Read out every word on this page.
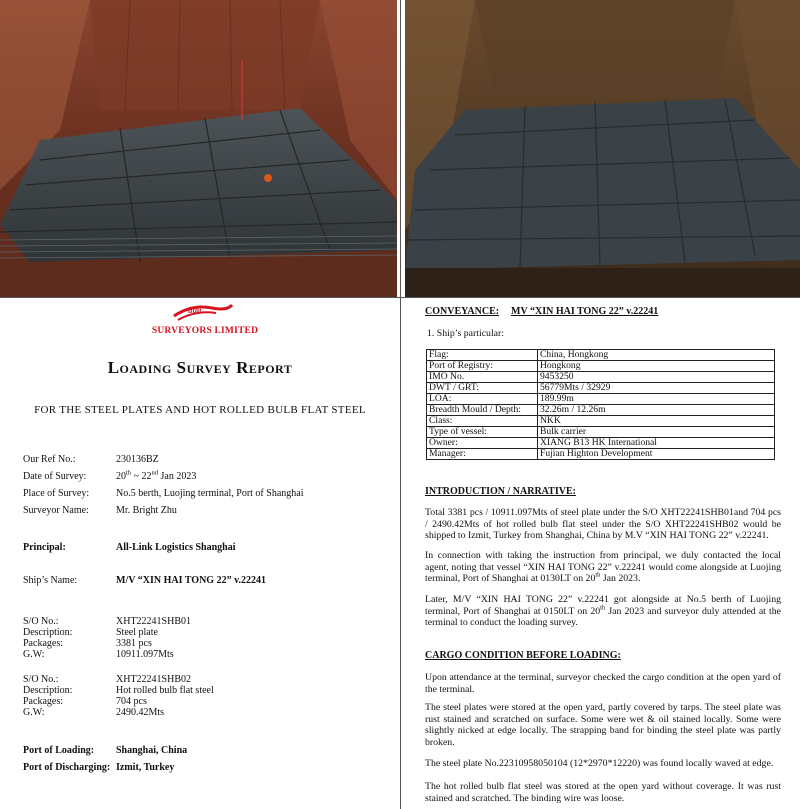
uuu
SURVEYORS LIMITED
Loading Survey Report
FOR THE STEEL PLATES AND HOT ROLLED BULB FLAT STEEL
Our Ref No.:	230136BZ
Date of Survey:	20th ~ 22nd Jan 2023
Place of Survey:	No.5 berth, Luojing terminal, Port of Shanghai
Surveyor Name:	Mr. Bright Zhu
Principal:	All-Link Logistics Shanghai
Ship’s Name:	M/V “XIN HAI TONG 22” v.22241
S/O No.:	XHT22241SHB01
Description:	Steel plate
Packages:	3381 pcs
G.W:	10911.097Mts
S/O No.:	XHT22241SHB02
Description:	Hot rolled bulb flat steel
Packages:	704 pcs
G.W:	2490.42Mts
Port of Loading: Shanghai, China
Port of Discharging: Izmit, Turkey
CONVEYANCE: MV “XIN HAI TONG 22” v.22241
1. Ship’s particular:
Flag:	China, Hongkong
Port of Registry:	Hongkong
IMO No.	9453250
DWT / GRT:	56779Mts / 32929
LOA:	189.99m
Breadth Mould / Depth:	32.26m / 12.26m
Class:	NKK
Type of vessel:	Bulk carrier
Owner:	XIANG B13 HK International
Manager:	Fujian Highton Development
INTRODUCTION / NARRATIVE:
Total 3381 pcs / 10911.097Mts of steel plate under the S/O XHT22241SHB01and 704 pcs / 2490.42Mts of hot rolled bulb flat steel under the S/O XHT22241SHB02 would be shipped to Izmit, Turkey from Shanghai, China by M.V “XIN HAI TONG 22” v.22241.
In connection with taking the instruction from principal, we duly contacted the local agent, noting that vessel “XIN HAI TONG 22” v.22241 would come alongside at Luojing terminal, Port of Shanghai at 0130LT on 20th Jan 2023.
Later, M/V “XIN HAI TONG 22” v.22241 got alongside at No.5 berth of Luojing terminal, Port of Shanghai at 0150LT on 20th Jan 2023 and surveyor duly attended at the terminal to conduct the loading survey.
CARGO CONDITION BEFORE LOADING:
Upon attendance at the terminal, surveyor checked the cargo condition at the open yard of the terminal.
The steel plates were stored at the open yard, partly covered by tarps. The steel plate was rust stained and scratched on surface. Some were wet & oil stained locally. Some were slightly nicked at edge locally. The strapping band for binding the steel plate was partly broken.
The steel plate No.22310958050104 (12*2970*12220) was found locally waved at edge.
The hot rolled bulb flat steel was stored at the open yard without coverage. It was rust stained and scratched. The binding wire was loose.
